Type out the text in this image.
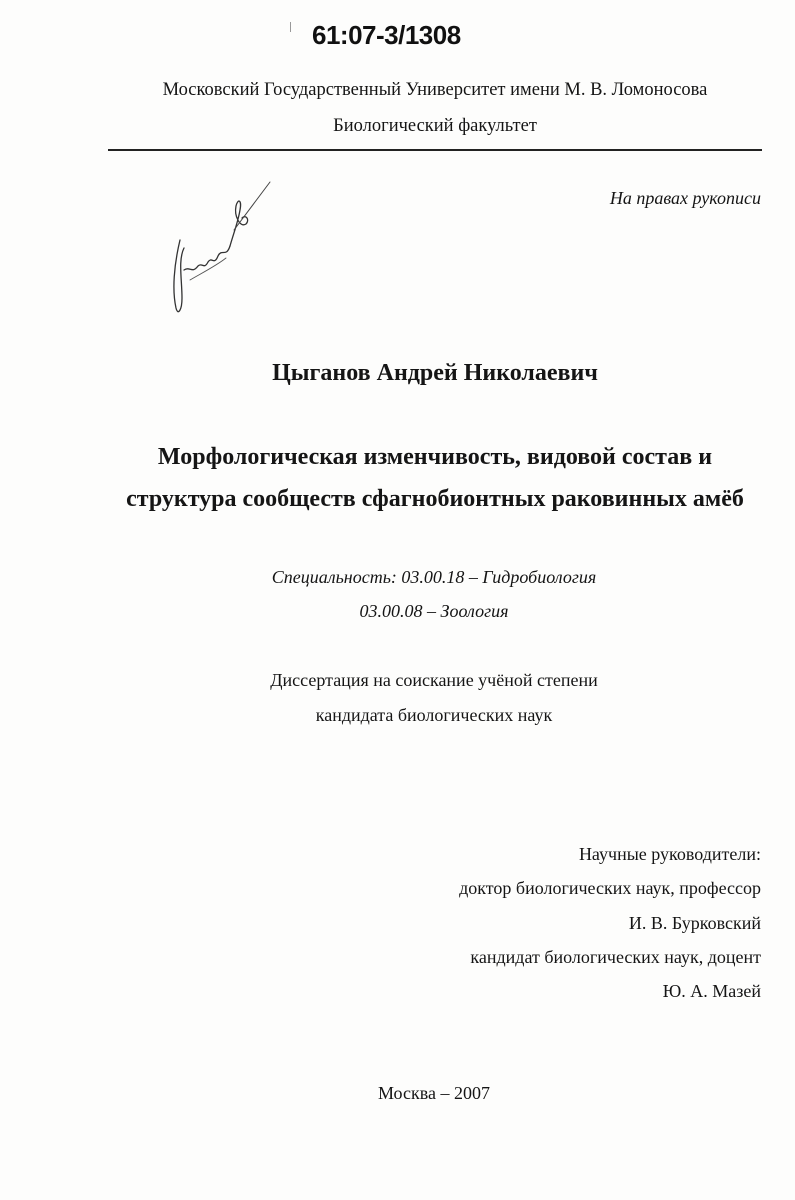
61:07-3/1308
Московский Государственный Университет имени М. В. Ломоносова
Биологический факультет
На правах рукописи
Цыганов Андрей Николаевич
Морфологическая изменчивость, видовой состав и
структура сообществ сфагнобионтных раковинных амёб
Специальность: 03.00.18 – Гидробиология
03.00.08 – Зоология
Диссертация на соискание учёной степени
кандидата биологических наук
Научные руководители:
доктор биологических наук, профессор
И. В. Бурковский
кандидат биологических наук, доцент
Ю. А. Мазей
Москва – 2007
